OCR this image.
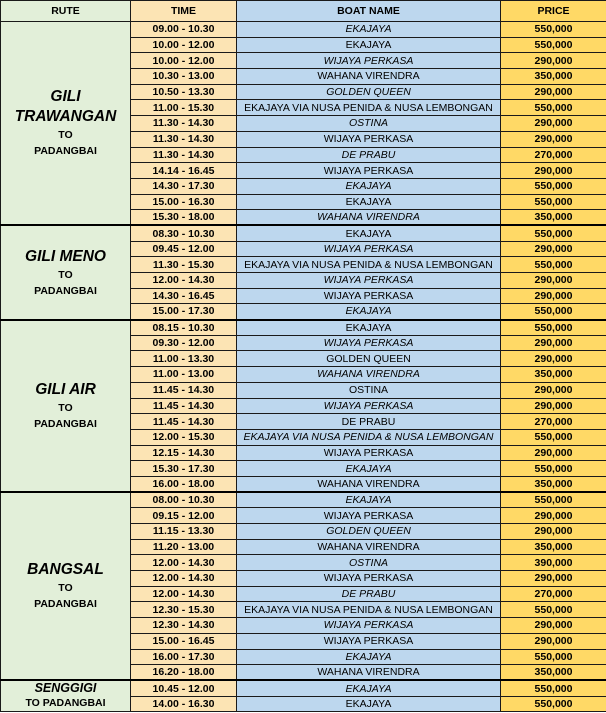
RUTE	TIME	BOAT NAME	PRICE

GILI
TRAWANGAN
TO
PADANGBAI	09.00 - 10.30	EKAJAYA	550,000
	10.00 - 12.00	EKAJAYA	550,000
	10.00 - 12.00	WIJAYA PERKASA	290,000
	10.30 - 13.00	WAHANA VIRENDRA	350,000
	10.50 - 13.30	GOLDEN QUEEN	290,000
	11.00 - 15.30	EKAJAYA VIA NUSA PENIDA & NUSA LEMBONGAN	550,000
	11.30 - 14.30	OSTINA	290,000
	11.30 - 14.30	WIJAYA PERKASA	290,000
	11.30 - 14.30	DE PRABU	270,000
	14.14 - 16.45	WIJAYA PERKASA	290,000
	14.30 - 17.30	EKAJAYA	550,000
	15.00 - 16.30	EKAJAYA	550,000
	15.30 - 18.00	WAHANA VIRENDRA	350,000

GILI MENO
TO
PADANGBAI	08.30 - 10.30	EKAJAYA	550,000
	09.45 - 12.00	WIJAYA PERKASA	290,000
	11.30 - 15.30	EKAJAYA VIA NUSA PENIDA & NUSA LEMBONGAN	550,000
	12.00 - 14.30	WIJAYA PERKASA	290,000
	14.30 - 16.45	WIJAYA PERKASA	290,000
	15.00 - 17.30	EKAJAYA	550,000

GILI AIR
TO
PADANGBAI	08.15 - 10.30	EKAJAYA	550,000
	09.30 - 12.00	WIJAYA PERKASA	290,000
	11.00 - 13.30	GOLDEN QUEEN	290,000
	11.00 - 13.00	WAHANA VIRENDRA	350,000
	11.45 - 14.30	OSTINA	290,000
	11.45 - 14.30	WIJAYA PERKASA	290,000
	11.45 - 14.30	DE PRABU	270,000
	12.00 - 15.30	EKAJAYA VIA NUSA PENIDA & NUSA LEMBONGAN	550,000
	12.15 - 14.30	WIJAYA PERKASA	290,000
	15.30 - 17.30	EKAJAYA	550,000
	16.00 - 18.00	WAHANA VIRENDRA	350,000

BANGSAL
TO
PADANGBAI	08.00 - 10.30	EKAJAYA	550,000
	09.15 - 12.00	WIJAYA PERKASA	290,000
	11.15 - 13.30	GOLDEN QUEEN	290,000
	11.20 - 13.00	WAHANA VIRENDRA	350,000
	12.00 - 14.30	OSTINA	390,000
	12.00 - 14.30	WIJAYA PERKASA	290,000
	12.00 - 14.30	DE PRABU	270,000
	12.30 - 15.30	EKAJAYA VIA NUSA PENIDA & NUSA LEMBONGAN	550,000
	12.30 - 14.30	WIJAYA PERKASA	290,000
	15.00 - 16.45	WIJAYA PERKASA	290,000
	16.00 - 17.30	EKAJAYA	550,000
	16.20 - 18.00	WAHANA VIRENDRA	350,000

SENGGIGI
TO PADANGBAI	10.45 - 12.00	EKAJAYA	550,000
	14.00 - 16.30	EKAJAYA	550,000
